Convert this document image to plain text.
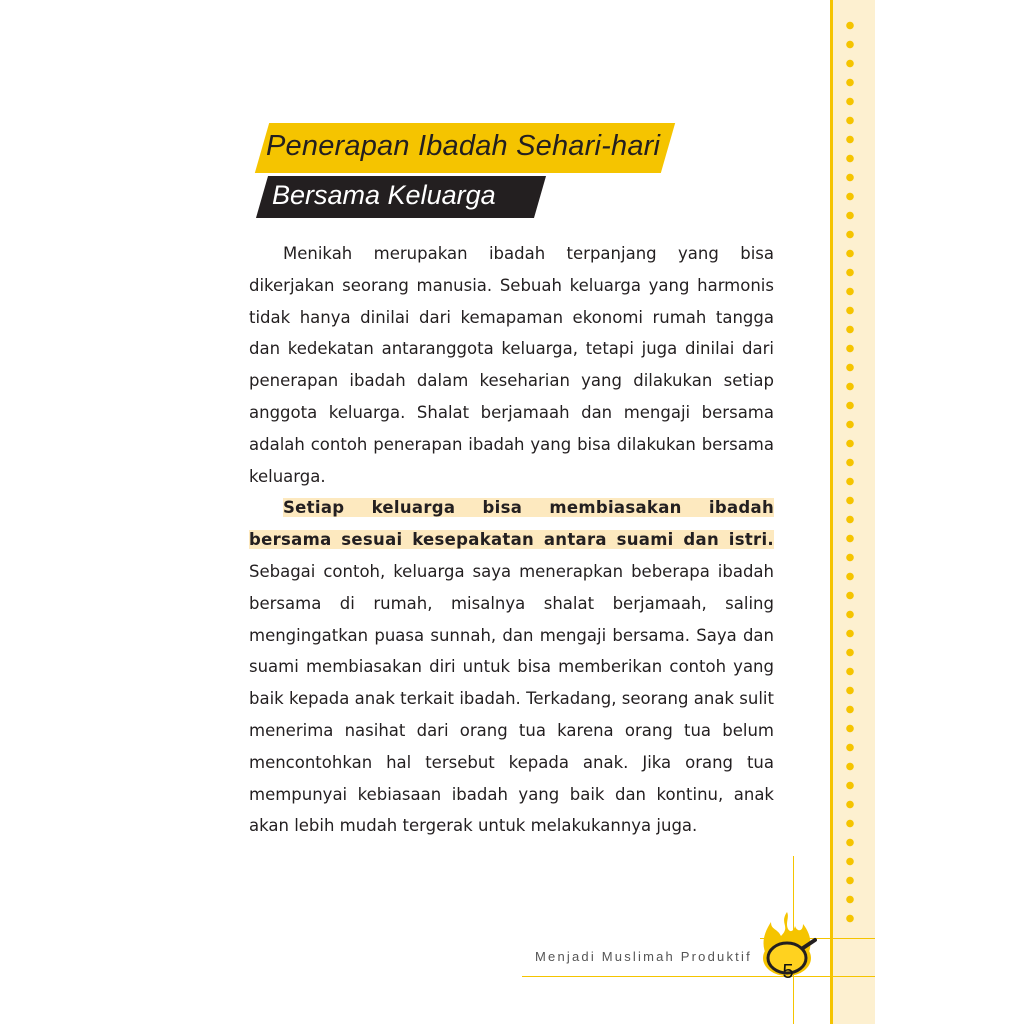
Penerapan Ibadah Sehari-hari
Bersama Keluarga

Menikah merupakan ibadah terpanjang yang bisa dikerjakan seorang manusia. Sebuah keluarga yang harmonis tidak hanya dinilai dari kemapaman ekonomi rumah tangga dan kedekatan antaranggota keluarga, tetapi juga dinilai dari penerapan ibadah dalam keseharian yang dilakukan setiap anggota keluarga. Shalat berjamaah dan mengaji bersama adalah contoh penerapan ibadah yang bisa dilakukan bersama keluarga.

Setiap keluarga bisa membiasakan ibadah bersama sesuai kesepakatan antara suami dan istri. Sebagai contoh, keluarga saya menerapkan beberapa ibadah bersama di rumah, misalnya shalat berjamaah, saling mengingatkan puasa sunnah, dan mengaji bersama. Saya dan suami membiasakan diri untuk bisa memberikan contoh yang baik kepada anak terkait ibadah. Terkadang, seorang anak sulit menerima nasihat dari orang tua karena orang tua belum mencontohkan hal tersebut kepada anak. Jika orang tua mempunyai kebiasaan ibadah yang baik dan kontinu, anak akan lebih mudah tergerak untuk melakukannya juga.

Menjadi Muslimah Produktif
5
